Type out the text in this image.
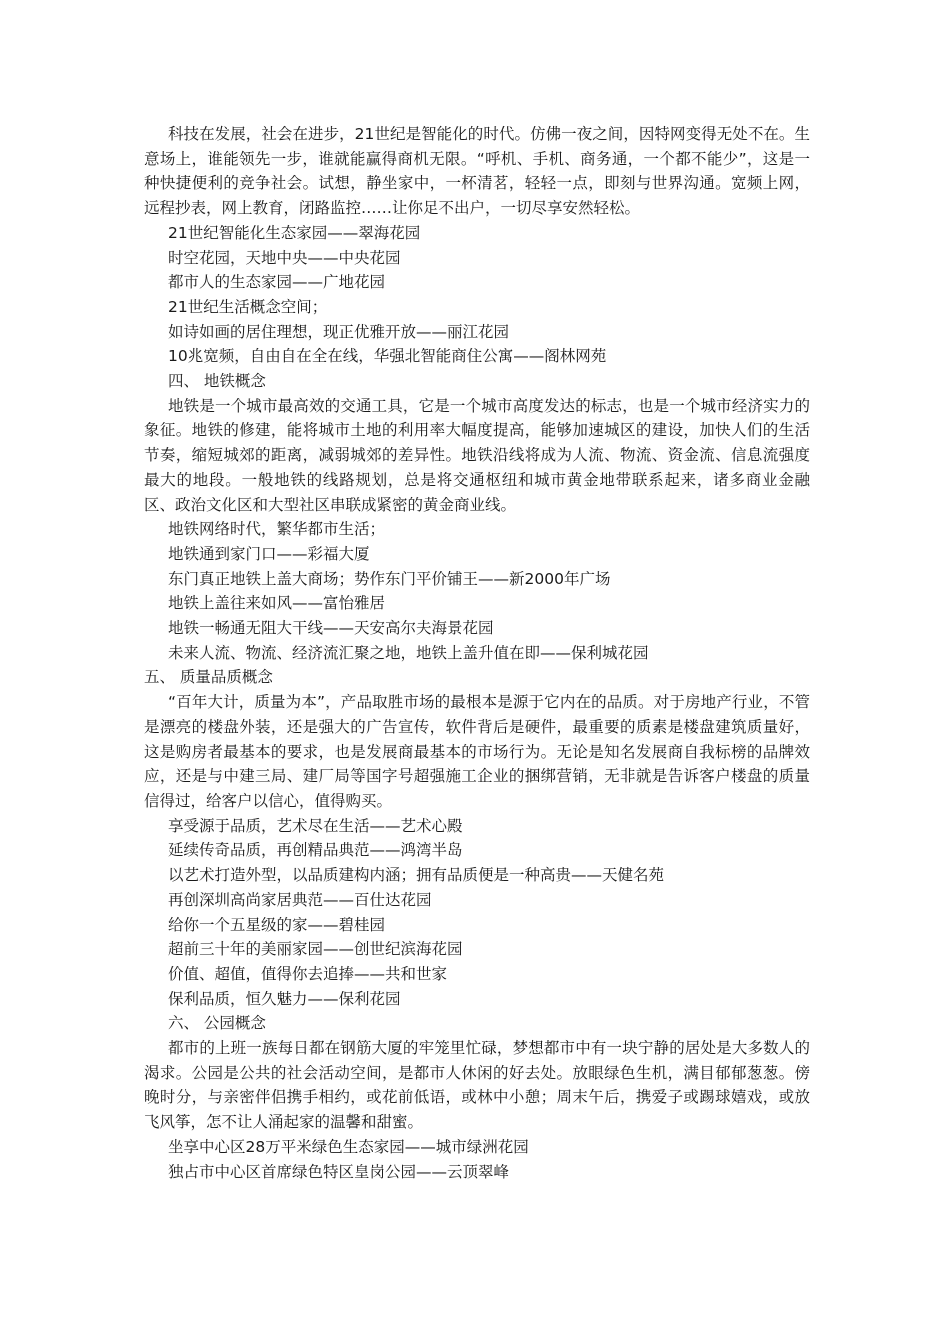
科技在发展，社会在进步，21世纪是智能化的时代。仿佛一夜之间，因特网变得无处不在。生意场上，谁能领先一步，谁就能赢得商机无限。“呼机、手机、商务通，一个都不能少”，这是一种快捷便利的竞争社会。试想，静坐家中，一杯清茗，轻轻一点，即刻与世界沟通。宽频上网，远程抄表，网上教育，闭路监控……让你足不出户，一切尽享安然轻松。

21世纪智能化生态家园——翠海花园

时空花园，天地中央——中央花园

都市人的生态家园——广地花园

21世纪生活概念空间；

如诗如画的居住理想，现正优雅开放——丽江花园

10兆宽频，自由自在全在线，华强北智能商住公寓——阁林网苑

四、 地铁概念

地铁是一个城市最高效的交通工具，它是一个城市高度发达的标志，也是一个城市经济实力的象征。地铁的修建，能将城市土地的利用率大幅度提高，能够加速城区的建设，加快人们的生活节奏，缩短城郊的距离，减弱城郊的差异性。地铁沿线将成为人流、物流、资金流、信息流强度最大的地段。一般地铁的线路规划，总是将交通枢纽和城市黄金地带联系起来，诸多商业金融区、政治文化区和大型社区串联成紧密的黄金商业线。

地铁网络时代，繁华都市生活；

地铁通到家门口——彩福大厦

东门真正地铁上盖大商场；势作东门平价铺王——新2000年广场

地铁上盖往来如风——富怡雅居

地铁一畅通无阻大干线——天安高尔夫海景花园

未来人流、物流、经济流汇聚之地，地铁上盖升值在即——保利城花园

五、 质量品质概念

“百年大计，质量为本”，产品取胜市场的最根本是源于它内在的品质。对于房地产行业，不管是漂亮的楼盘外装，还是强大的广告宣传，软件背后是硬件，最重要的质素是楼盘建筑质量好，这是购房者最基本的要求，也是发展商最基本的市场行为。无论是知名发展商自我标榜的品牌效应，还是与中建三局、建厂局等国字号超强施工企业的捆绑营销，无非就是告诉客户楼盘的质量信得过，给客户以信心，值得购买。

享受源于品质，艺术尽在生活——艺术心殿

延续传奇品质，再创精品典范——鸿湾半岛

以艺术打造外型，以品质建构内涵；拥有品质便是一种高贵——天健名苑

再创深圳高尚家居典范——百仕达花园

给你一个五星级的家——碧桂园

超前三十年的美丽家园——创世纪滨海花园

价值、超值，值得你去追捧——共和世家

保利品质，恒久魅力——保利花园

六、 公园概念

都市的上班一族每日都在钢筋大厦的牢笼里忙碌，梦想都市中有一块宁静的居处是大多数人的渴求。公园是公共的社会活动空间，是都市人休闲的好去处。放眼绿色生机，满目郁郁葱葱。傍晚时分，与亲密伴侣携手相约，或花前低语，或林中小憩；周末午后，携爱子或踢球嬉戏，或放飞风筝，怎不让人涌起家的温馨和甜蜜。

坐享中心区28万平米绿色生态家园——城市绿洲花园

独占市中心区首席绿色特区皇岗公园——云顶翠峰
